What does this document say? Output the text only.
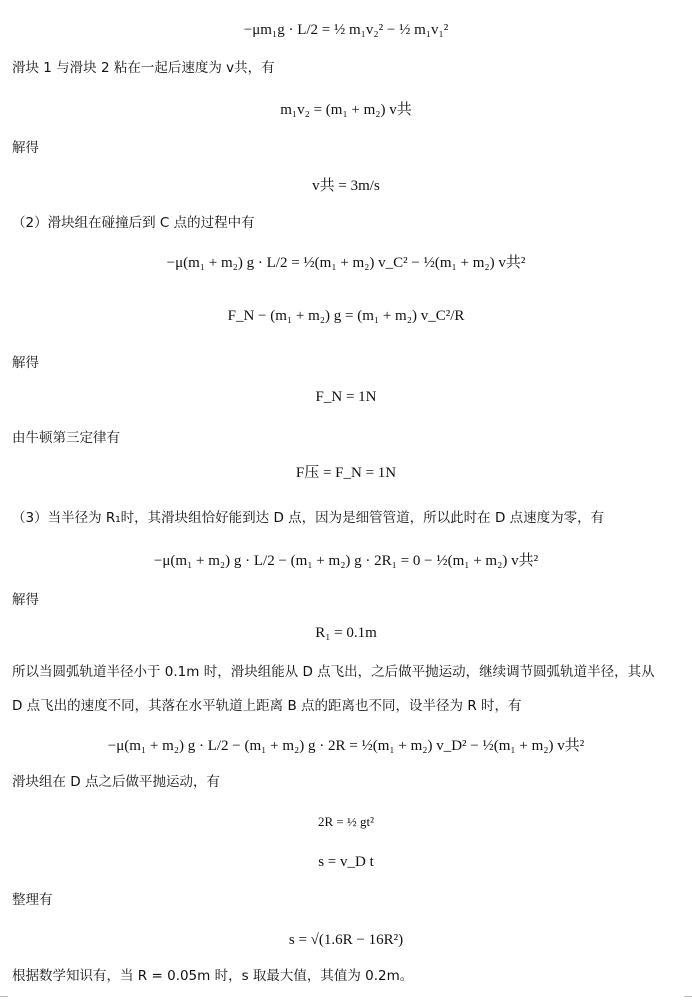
−μm₁g · L/2 = ½ m₁v₂² − ½ m₁v₁²
滑块 1 与滑块 2 粘在一起后速度为 v共，有
m₁v₂ = (m₁ + m₂) v共
解得
v共 = 3m/s
（2）滑块组在碰撞后到 C 点的过程中有
−μ(m₁ + m₂) g · L/2 = ½(m₁ + m₂) v_C² − ½(m₁ + m₂) v共²
F_N − (m₁ + m₂) g = (m₁ + m₂) v_C²/R
解得
F_N = 1N
由牛顿第三定律有
F压 = F_N = 1N
（3）当半径为 R₁时，其滑块组恰好能到达 D 点，因为是细管管道，所以此时在 D 点速度为零，有
−μ(m₁ + m₂) g · L/2 − (m₁ + m₂) g · 2R₁ = 0 − ½(m₁ + m₂) v共²
解得
R₁ = 0.1m
所以当圆弧轨道半径小于 0.1m 时，滑块组能从 D 点飞出，之后做平抛运动，继续调节圆弧轨道半径，其从
D 点飞出的速度不同，其落在水平轨道上距离 B 点的距离也不同，设半径为 R 时，有
−μ(m₁ + m₂) g · L/2 − (m₁ + m₂) g · 2R = ½(m₁ + m₂) v_D² − ½(m₁ + m₂) v共²
滑块组在 D 点之后做平抛运动，有
2R = ½ gt²
s = v_D t
整理有
s = √(1.6R − 16R²)
根据数学知识有，当 R = 0.05m 时，s 取最大值，其值为 0.2m。
